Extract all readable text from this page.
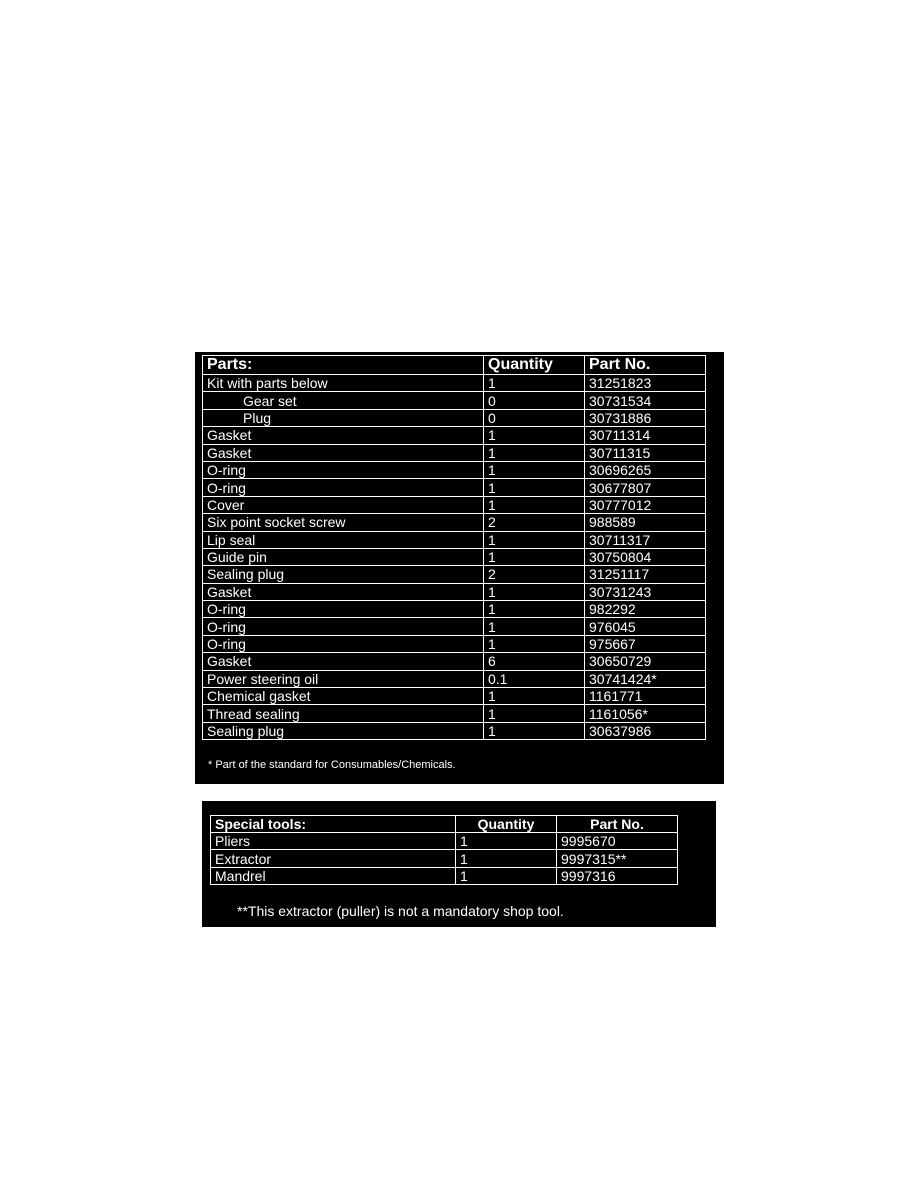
Parts:	Quantity	Part No.
Kit with parts below	1	31251823
Gear set	0	30731534
Plug	0	30731886
Gasket	1	30711314
Gasket	1	30711315
O-ring	1	30696265
O-ring	1	30677807
Cover	1	30777012
Six point socket screw	2	988589
Lip seal	1	30711317
Guide pin	1	30750804
Sealing plug	2	31251117
Gasket	1	30731243
O-ring	1	982292
O-ring	1	976045
O-ring	1	975667
Gasket	6	30650729
Power steering oil	0.1	30741424*
Chemical gasket	1	1161771
Thread sealing	1	1161056*
Sealing plug	1	30637986
* Part of the standard for Consumables/Chemicals.
Special tools:	Quantity	Part No.
Pliers	1	9995670
Extractor	1	9997315**
Mandrel	1	9997316
**This extractor (puller) is not a mandatory shop tool.
